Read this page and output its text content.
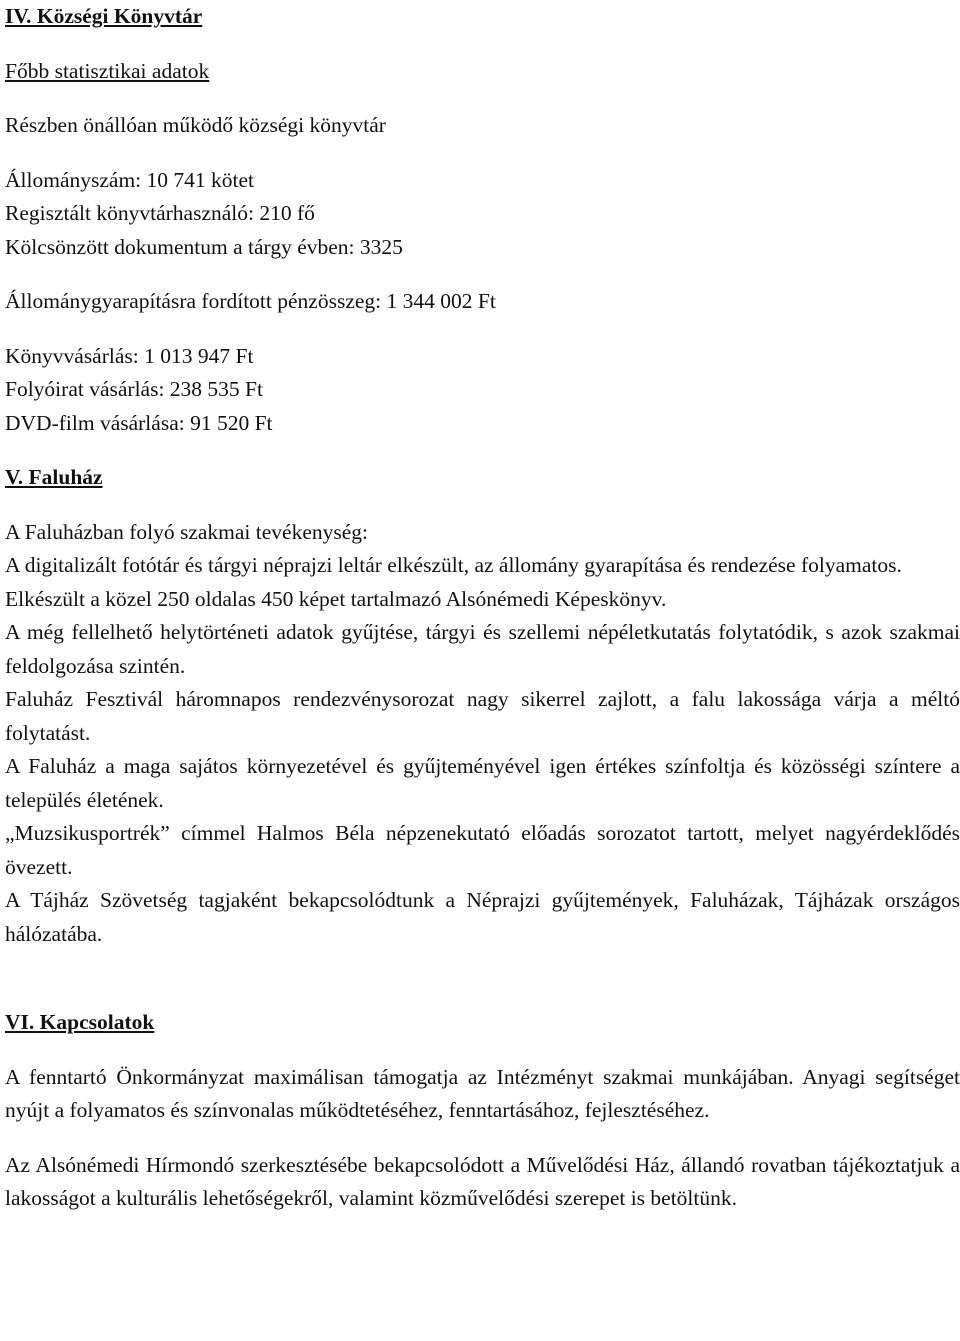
IV. Községi Könyvtár

Főbb statisztikai adatok

Részben önállóan működő községi könyvtár

Állományszám: 10 741 kötet

Regisztált könyvtárhasználó: 210 fő

Kölcsönzött dokumentum a tárgy évben: 3325

Állománygyarapításra fordított pénzösszeg: 1 344 002 Ft

Könyvvásárlás: 1 013 947 Ft

Folyóirat vásárlás: 238 535 Ft

DVD-film vásárlása: 91 520 Ft

V. Faluház

A Faluházban folyó szakmai tevékenység:

A digitalizált fotótár és tárgyi néprajzi leltár elkészült, az állomány gyarapítása és rendezése folyamatos.

Elkészült a közel 250 oldalas 450 képet tartalmazó Alsónémedi Képeskönyv.

A még fellelhető helytörténeti adatok gyűjtése, tárgyi és szellemi népéletkutatás folytatódik, s azok szakmai feldolgozása szintén.

Faluház Fesztivál háromnapos rendezvénysorozat nagy sikerrel zajlott, a falu lakossága várja a méltó folytatást.

A Faluház a maga sajátos környezetével és gyűjteményével igen értékes színfoltja és közösségi színtere a település életének.

„Muzsikusportrék” címmel Halmos Béla népzenekutató előadás sorozatot tartott, melyet nagyérdeklődés övezett.

A Tájház Szövetség tagjaként bekapcsolódtunk a Néprajzi gyűjtemények, Faluházak, Tájházak országos hálózatába.

VI. Kapcsolatok

A fenntartó Önkormányzat maximálisan támogatja az Intézményt szakmai munkájában. Anyagi segítséget nyújt a folyamatos és színvonalas működtetéséhez, fenntartásához, fejlesztéséhez.

Az Alsónémedi Hírmondó szerkesztésébe bekapcsolódott a Művelődési Ház, állandó rovatban tájékoztatjuk a lakosságot a kulturális lehetőségekről, valamint közművelődési szerepet is betöltünk.
